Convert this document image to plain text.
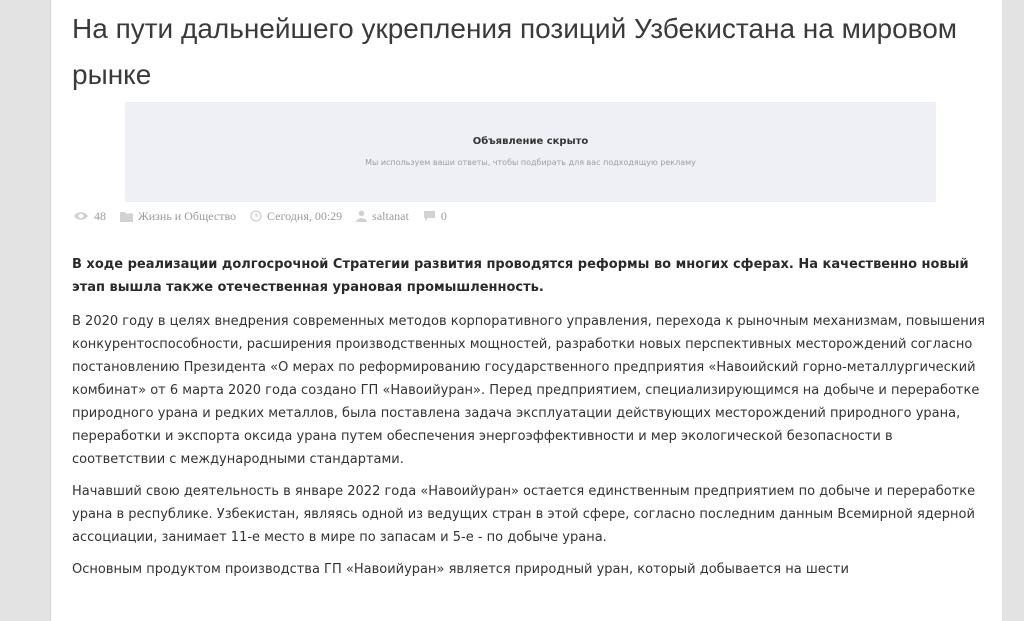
На пути дальнейшего укрепления позиций Узбекистана на мировом рынке
Объявление скрыто
Мы используем ваши ответы, чтобы подбирать для вас подходящую рекламу
48	Жизнь и Общество	Сегодня, 00:29	saltanat	0

В ходе реализации долгосрочной Стратегии развития проводятся реформы во многих сферах. На качественно новый этап вышла также отечественная урановая промышленность.

В 2020 году в целях внедрения современных методов корпоративного управления, перехода к рыночным механизмам, повышения конкурентоспособности, расширения производственных мощностей, разработки новых перспективных месторождений согласно постановлению Президента «О мерах по реформированию государственного предприятия «Навоийский горно-металлургический комбинат» от 6 марта 2020 года создано ГП «Навоийуран». Перед предприятием, специализирующимся на добыче и переработке природного урана и редких металлов, была поставлена задача эксплуатации действующих месторождений природного урана, переработки и экспорта оксида урана путем обеспечения энергоэффективности и мер экологической безопасности в соответствии с международными стандартами.

Начавший свою деятельность в январе 2022 года «Навоийуран» остается единственным предприятием по добыче и переработке урана в республике. Узбекистан, являясь одной из ведущих стран в этой сфере, согласно последним данным Всемирной ядерной ассоциации, занимает 11-е место в мире по запасам и 5-е - по добыче урана.

Основным продуктом производства ГП «Навоийуран» является природный уран, который добывается на шести
